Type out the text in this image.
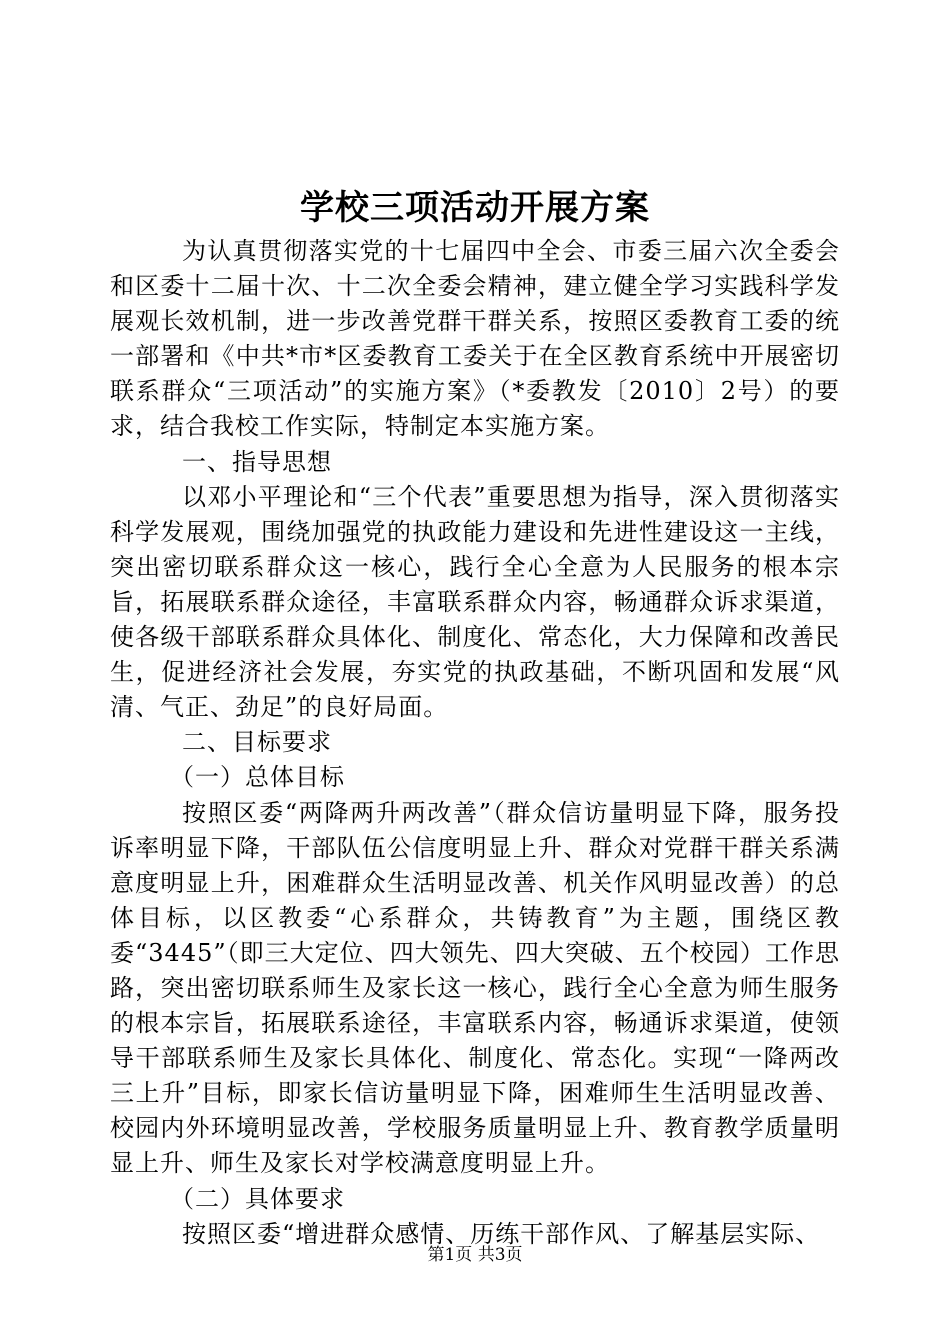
学校三项活动开展方案

为认真贯彻落实党的十七届四中全会、市委三届六次全委会和区委十二届十次、十二次全委会精神，建立健全学习实践科学发展观长效机制，进一步改善党群干群关系，按照区委教育工委的统一部署和《中共*市*区委教育工委关于在全区教育系统中开展密切联系群众“三项活动”的实施方案》（*委教发〔2010〕2号）的要求，结合我校工作实际，特制定本实施方案。

一、指导思想

以邓小平理论和“三个代表”重要思想为指导，深入贯彻落实科学发展观，围绕加强党的执政能力建设和先进性建设这一主线，突出密切联系群众这一核心，践行全心全意为人民服务的根本宗旨，拓展联系群众途径，丰富联系群众内容，畅通群众诉求渠道，使各级干部联系群众具体化、制度化、常态化，大力保障和改善民生，促进经济社会发展，夯实党的执政基础，不断巩固和发展“风清、气正、劲足”的良好局面。

二、目标要求

（一）总体目标

按照区委“两降两升两改善”（群众信访量明显下降，服务投诉率明显下降，干部队伍公信度明显上升、群众对党群干群关系满意度明显上升，困难群众生活明显改善、机关作风明显改善）的总体目标，以区教委“心系群众，共铸教育”为主题，围绕区教委“3445”（即三大定位、四大领先、四大突破、五个校园）工作思路，突出密切联系师生及家长这一核心，践行全心全意为师生服务的根本宗旨，拓展联系途径，丰富联系内容，畅通诉求渠道，使领导干部联系师生及家长具体化、制度化、常态化。实现“一降两改三上升”目标，即家长信访量明显下降，困难师生生活明显改善、校园内外环境明显改善，学校服务质量明显上升、教育教学质量明显上升、师生及家长对学校满意度明显上升。

（二）具体要求

按照区委“增进群众感情、历练干部作风、了解基层实际、

第1页 共3页
